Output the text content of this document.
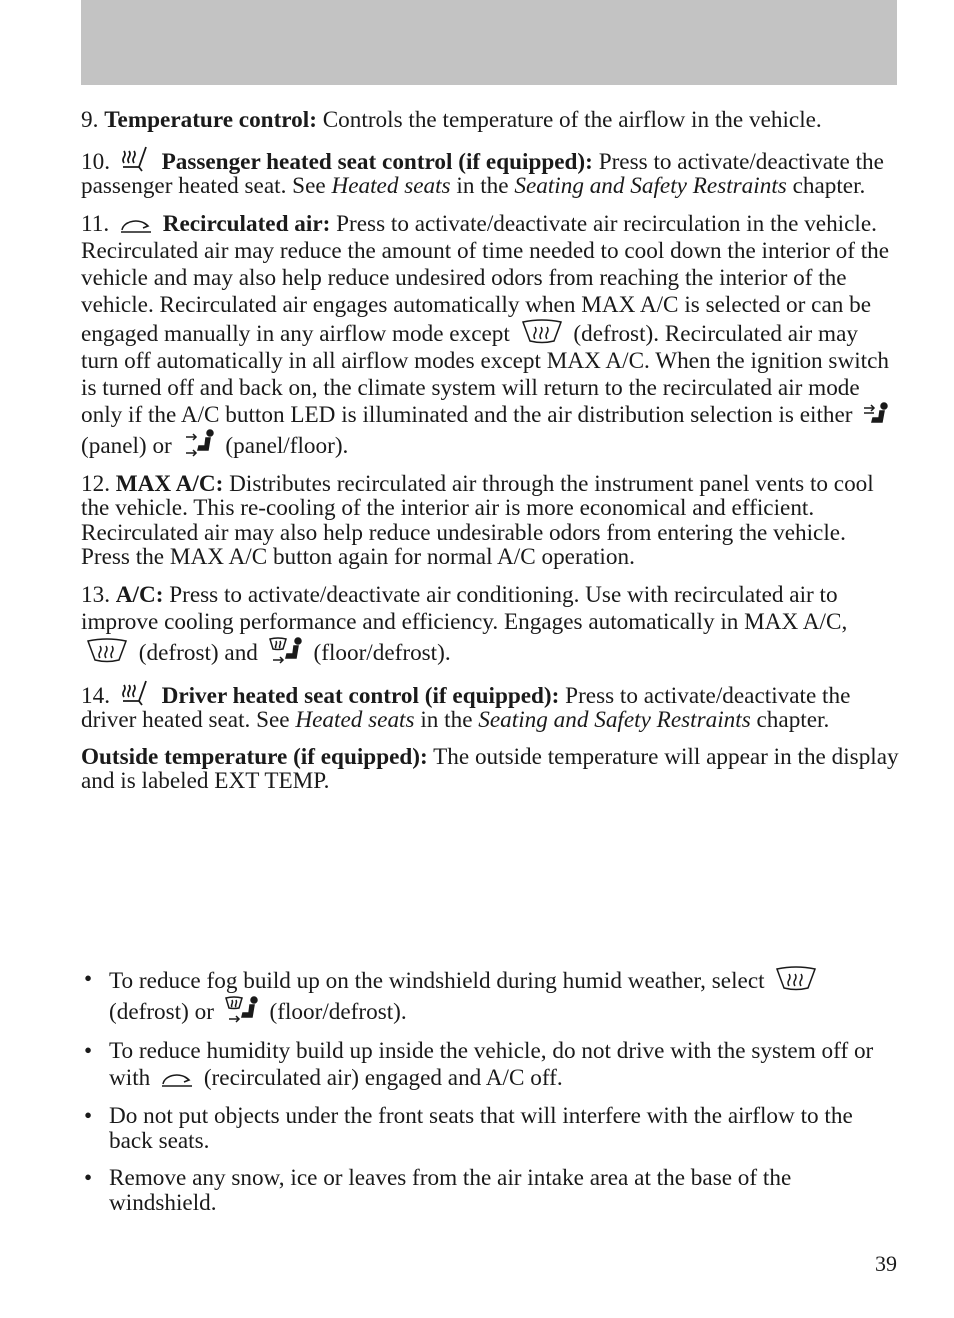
9. Temperature control: Controls the temperature of the airflow in the vehicle.

10. Passenger heated seat control (if equipped): Press to activate/deactivate the passenger heated seat. See Heated seats in the Seating and Safety Restraints chapter.

11. Recirculated air: Press to activate/deactivate air recirculation in the vehicle. Recirculated air may reduce the amount of time needed to cool down the interior of the vehicle and may also help reduce undesired odors from reaching the interior of the vehicle. Recirculated air engages automatically when MAX A/C is selected or can be engaged manually in any airflow mode except	(defrost). Recirculated air may turn off automatically in all airflow modes except MAX A/C. When the ignition switch is turned off and back on, the climate system will return to the recirculated air mode only if the A/C button LED is illuminated and the air distribution selection is either
(panel) or (panel/floor).

12. MAX A/C: Distributes recirculated air through the instrument panel vents to cool the vehicle. This re-cooling of the interior air is more economical and efficient. Recirculated air may also help reduce undesirable odors from entering the vehicle. Press the MAX A/C button again for normal A/C operation.

13. A/C: Press to activate/deactivate air conditioning. Use with recirculated air to improve cooling performance and efficiency. Engages automatically in MAX A/C,
(defrost) and (floor/defrost).

14. Driver heated seat control (if equipped): Press to activate/deactivate the driver heated seat. See Heated seats in the Seating and Safety Restraints chapter.

Outside temperature (if equipped): The outside temperature will appear in the display and is labeled EXT TEMP.

• To reduce fog build up on the windshield during humid weather, select
(defrost) or (floor/defrost).
• To reduce humidity build up inside the vehicle, do not drive with the system off or with (recirculated air) engaged and A/C off.
• Do not put objects under the front seats that will interfere with the airflow to the back seats.
• Remove any snow, ice or leaves from the air intake area at the base of the windshield.
39
